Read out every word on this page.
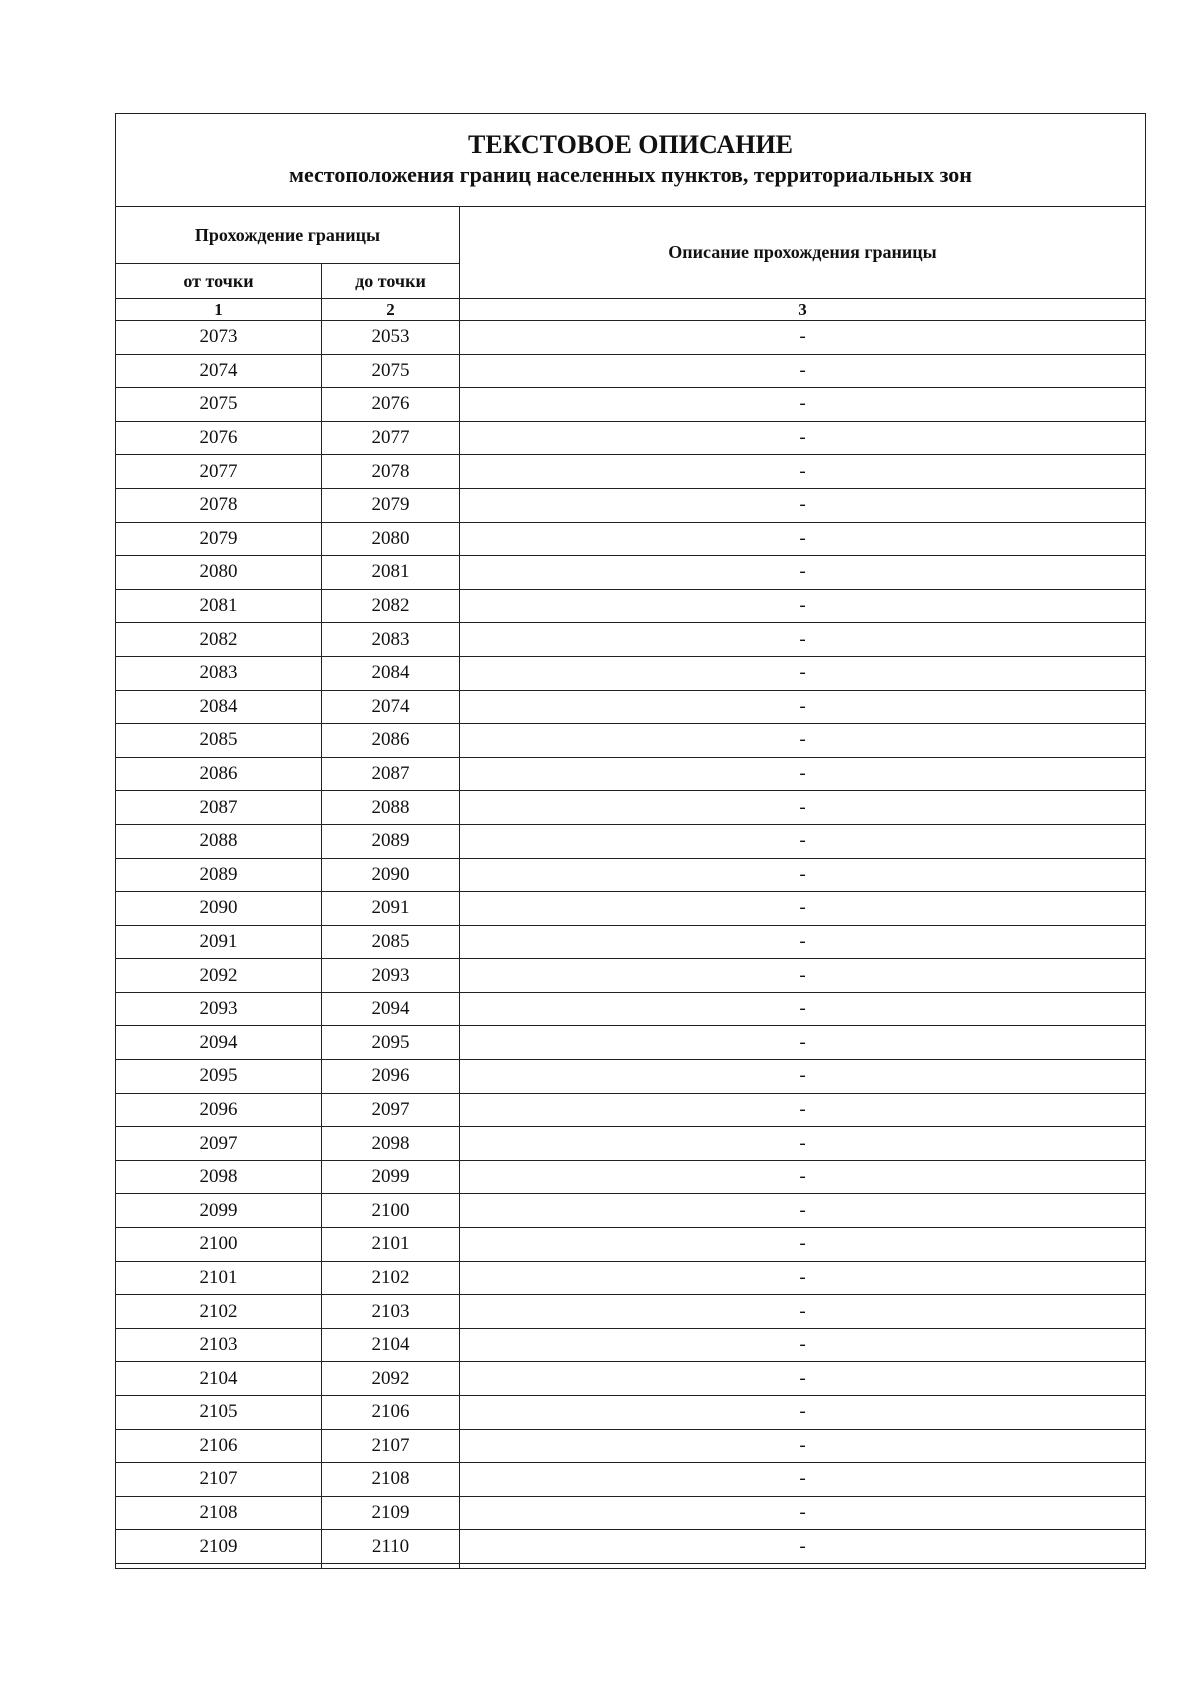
ТЕКСТОВОЕ ОПИСАНИЕ
местоположения границ населенных пунктов, территориальных зон		

Прохождение границы		Описание прохождения границы
от точки	до точки	
1	2	3
2073	2053	-
2074	2075	-
2075	2076	-
2076	2077	-
2077	2078	-
2078	2079	-
2079	2080	-
2080	2081	-
2081	2082	-
2082	2083	-
2083	2084	-
2084	2074	-
2085	2086	-
2086	2087	-
2087	2088	-
2088	2089	-
2089	2090	-
2090	2091	-
2091	2085	-
2092	2093	-
2093	2094	-
2094	2095	-
2095	2096	-
2096	2097	-
2097	2098	-
2098	2099	-
2099	2100	-
2100	2101	-
2101	2102	-
2102	2103	-
2103	2104	-
2104	2092	-
2105	2106	-
2106	2107	-
2107	2108	-
2108	2109	-
2109	2110	-
